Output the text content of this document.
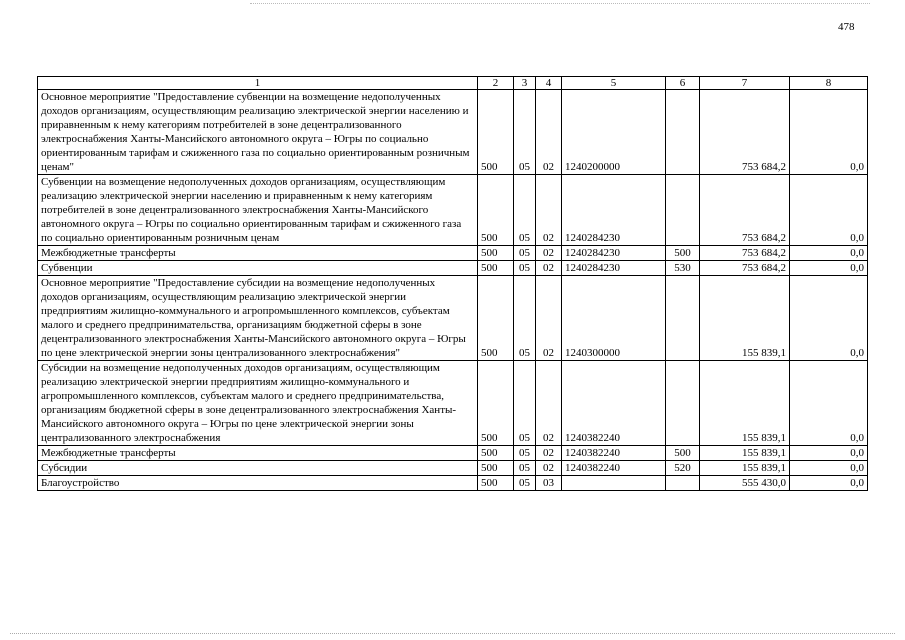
478
1	2	3	4	5	6	7	8
Основное мероприятие "Предоставление субвенции на возмещение недополученных доходов организациям, осуществляющим реализацию электрической энергии населению и приравненным к нему категориям потребителей в зоне децентрализованного электроснабжения Ханты-Мансийского автономного округа – Югры по социально ориентированным тарифам и сжиженного газа по социально ориентированным розничным ценам"	500	05	02	1240200000		753 684,2	0,0
Субвенции на возмещение недополученных доходов организациям, осуществляющим реализацию электрической энергии населению и приравненным к нему категориям потребителей в зоне децентрализованного электроснабжения Ханты-Мансийского автономного округа – Югры по социально ориентированным тарифам и сжиженного газа по социально ориентированным розничным ценам	500	05	02	1240284230		753 684,2	0,0
Межбюджетные трансферты	500	05	02	1240284230	500	753 684,2	0,0
Субвенции	500	05	02	1240284230	530	753 684,2	0,0
Основное мероприятие "Предоставление субсидии на возмещение недополученных доходов организациям, осуществляющим реализацию электрической энергии предприятиям жилищно-коммунального и агропромышленного комплексов, субъектам малого и среднего предпринимательства, организациям бюджетной сферы в зоне децентрализованного электроснабжения Ханты-Мансийского автономного округа – Югры по цене электрической энергии зоны централизованного электроснабжения"	500	05	02	1240300000		155 839,1	0,0
Субсидии на возмещение недополученных доходов организациям, осуществляющим реализацию электрической энергии предприятиям жилищно-коммунального и агропромышленного комплексов, субъектам малого и среднего предпринимательства, организациям бюджетной сферы в зоне децентрализованного электроснабжения Ханты-Мансийского автономного округа – Югры по цене электрической энергии зоны централизованного электроснабжения	500	05	02	1240382240		155 839,1	0,0
Межбюджетные трансферты	500	05	02	1240382240	500	155 839,1	0,0
Субсидии	500	05	02	1240382240	520	155 839,1	0,0
Благоустройство	500	05	03			555 430,0	0,0
